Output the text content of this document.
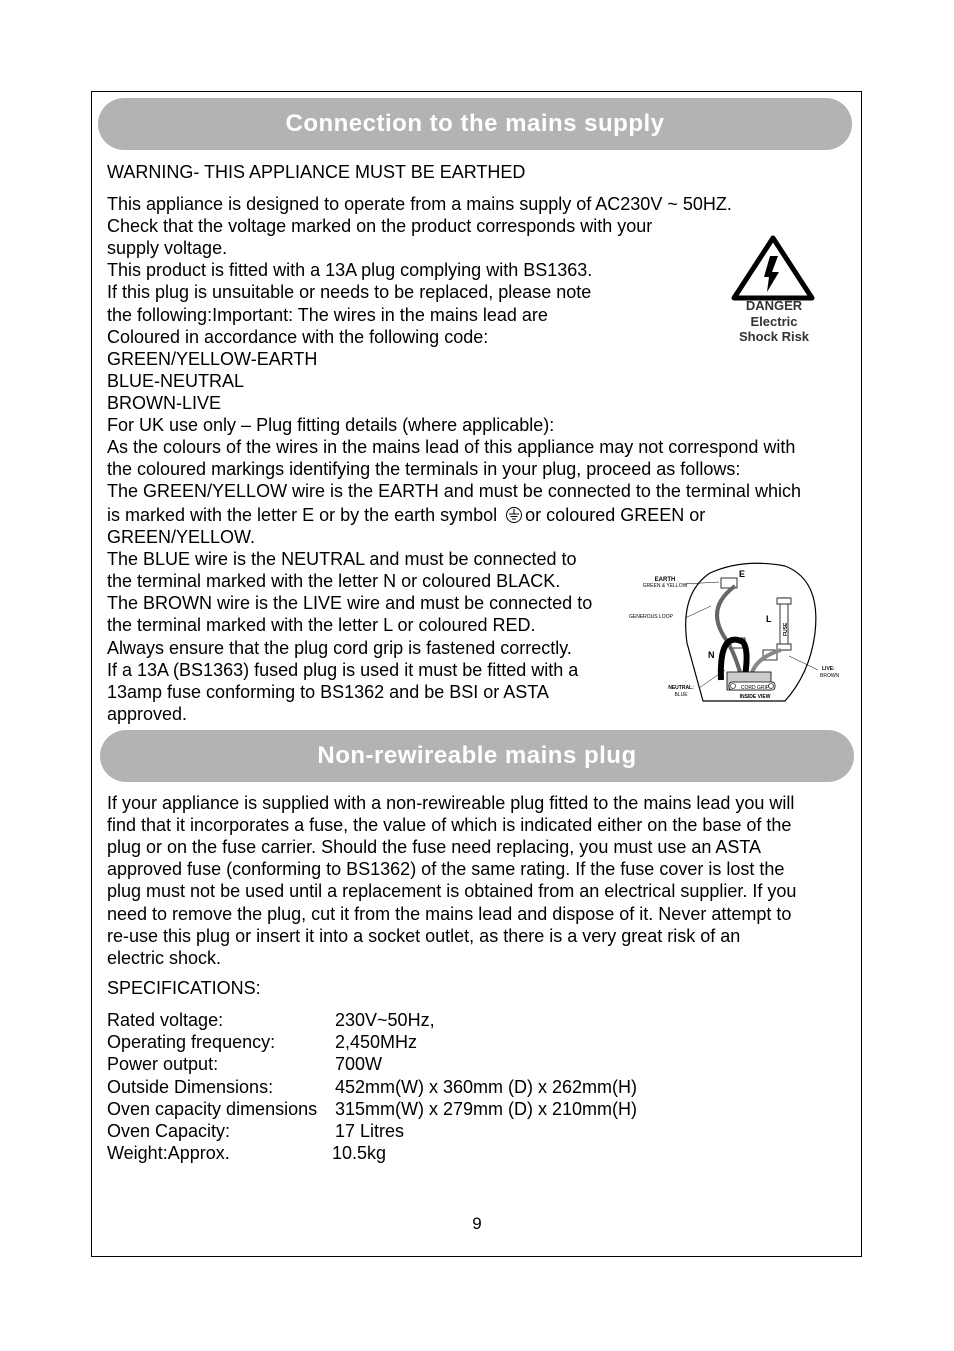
Connection to the mains supply
WARNING- THIS APPLIANCE MUST BE EARTHED
This appliance is designed to operate from a mains supply of AC230V ~ 50HZ.
Check that the voltage marked on the product corresponds with your
supply voltage.
This product is fitted with a 13A plug complying with BS1363.
If this plug is unsuitable or needs to be replaced, please note
the following:Important: The wires in the mains lead are
Coloured in accordance with the following code:
GREEN/YELLOW-EARTH
BLUE-NEUTRAL
BROWN-LIVE
For UK use only – Plug fitting details (where applicable):
As the colours of the wires in the mains lead of this appliance may not correspond with
the coloured markings identifying the terminals in your plug, proceed as follows:
The GREEN/YELLOW wire is the EARTH and must be connected to the terminal which
is marked with the letter E or by the earth symbol or coloured GREEN or
GREEN/YELLOW.
The BLUE wire is the NEUTRAL and must be connected to
the terminal marked with the letter N or coloured BLACK.
The BROWN wire is the LIVE wire and must be connected to
the terminal marked with the letter L or coloured RED.
Always ensure that the plug cord grip is fastened correctly.
If a 13A (BS1363) fused plug is used it must be fitted with a
13amp fuse conforming to BS1362 and be BSI or ASTA
approved.
DANGER
Electric
Shock Risk
EARTH
GREEN & YELLOW
GENEROUS LOOP
E
L
N
FUSE
LIVE:
BROWN
NEUTRAL:
BLUE
CORD GRIP
INSIDE VIEW
Non-rewireable mains plug
If your appliance is supplied with a non-rewireable plug fitted to the mains lead you will
find that it incorporates a fuse, the value of which is indicated either on the base of the
plug or on the fuse carrier. Should the fuse need replacing, you must use an ASTA
approved fuse (conforming to BS1362) of the same rating. If the fuse cover is lost the
plug must not be used until a replacement is obtained from an electrical supplier. If you
need to remove the plug, cut it from the mains lead and dispose of it. Never attempt to
re-use this plug or insert it into a socket outlet, as there is a very great risk of an
electric shock.
SPECIFICATIONS:
Rated voltage:	230V~50Hz,
Operating frequency:	2,450MHz
Power output:	700W
Outside Dimensions:	452mm(W) x 360mm (D) x 262mm(H)
Oven capacity dimensions 315mm(W) x 279mm (D) x 210mm(H)
Oven Capacity:	17 Litres
Weight:Approx.	10.5kg
9
